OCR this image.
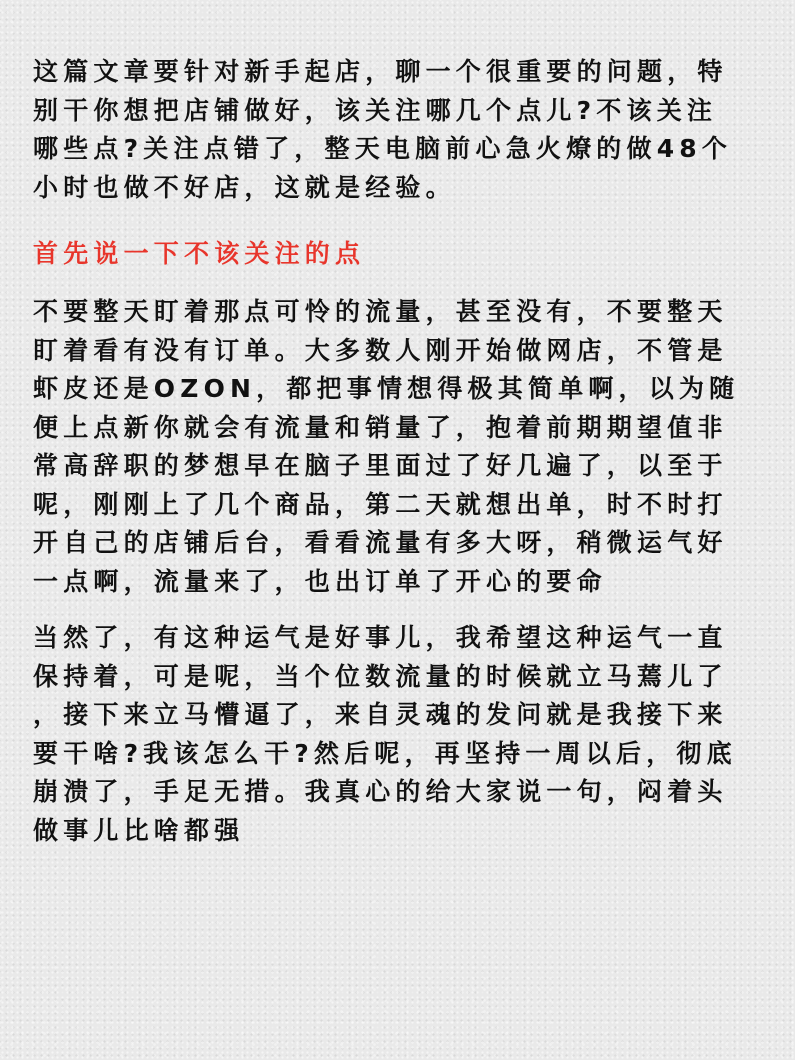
这篇文章要针对新手起店，聊一个很重要的问题，特
别干你想把店铺做好，该关注哪几个点儿?不该关注
哪些点?关注点错了，整天电脑前心急火燎的做48个
小时也做不好店，这就是经验。

首先说一下不该关注的点

不要整天盯着那点可怜的流量，甚至没有，不要整天
盯着看有没有订单。大多数人刚开始做网店，不管是
虾皮还是OZON，都把事情想得极其简单啊，以为随
便上点新你就会有流量和销量了，抱着前期期望值非
常高辞职的梦想早在脑子里面过了好几遍了，以至于
呢，刚刚上了几个商品，第二天就想出单，时不时打
开自己的店铺后台，看看流量有多大呀，稍微运气好
一点啊，流量来了，也出订单了开心的要命

当然了，有这种运气是好事儿，我希望这种运气一直
保持着，可是呢，当个位数流量的时候就立马蔫儿了
，接下来立马懵逼了，来自灵魂的发问就是我接下来
要干啥?我该怎么干?然后呢，再坚持一周以后，彻底
崩溃了，手足无措。我真心的给大家说一句，闷着头
做事儿比啥都强
